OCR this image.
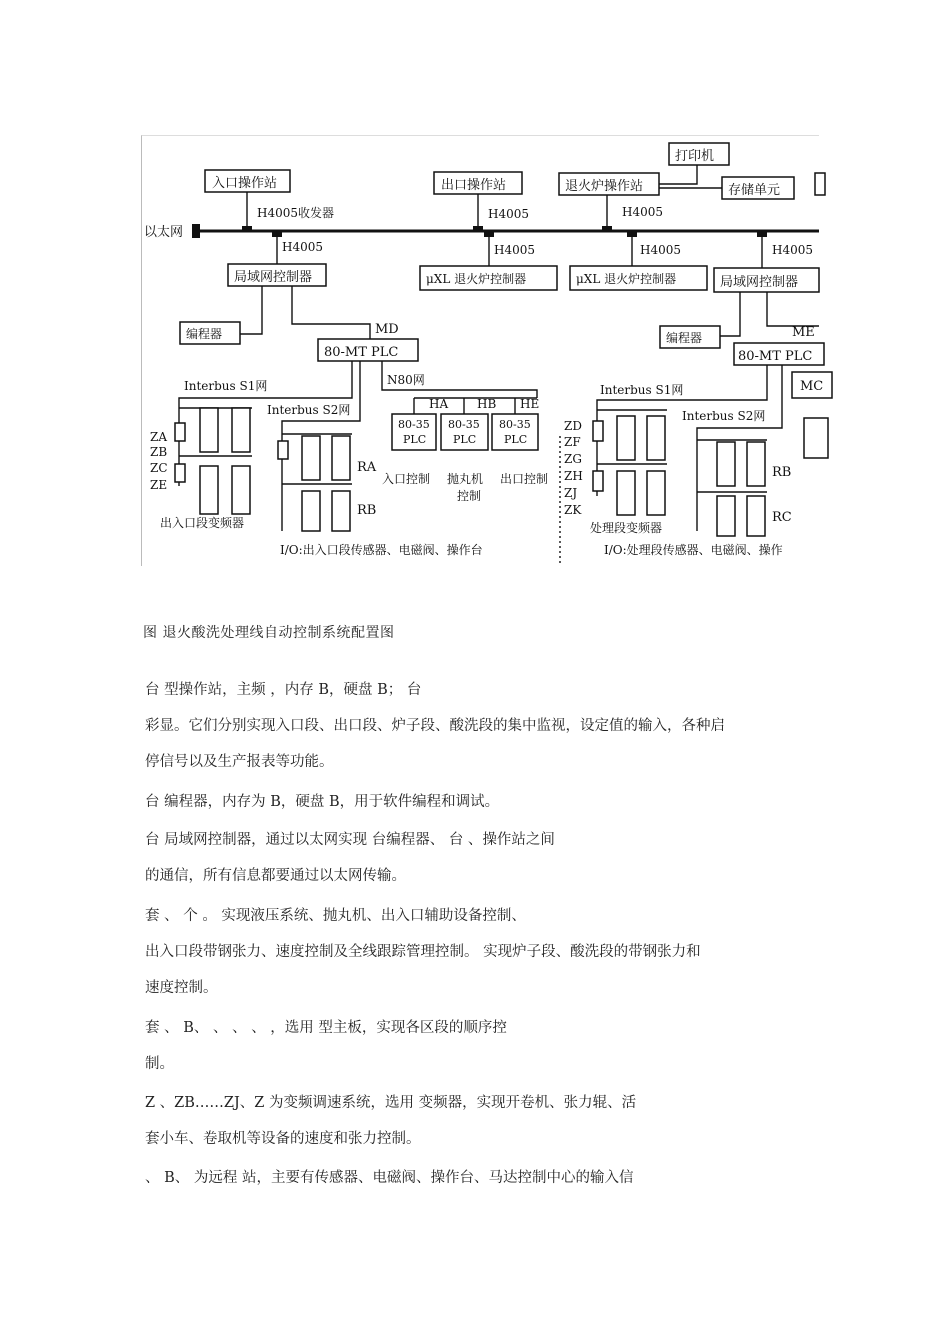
以太网
入口操作站
H4005收发器
出口操作站
H4005
退火炉操作站
H4005
打印机
存储单元
H4005
局域网控制器
H4005
μXL 退火炉控制器
H4005
μXL 退火炉控制器
H4005
局域网控制器
编程器	MD
80-MT PLC
N80网
HA HB HE
80-35
PLC
80-35
PLC
80-35
PLC
Interbus S1网
ZA
ZB
ZC
ZE
出入口段变频器
Interbus S2网
RA
RB
入口控制 抛丸机
控制
出口控制
I/O:出入口段传感器、电磁阀、操作台
编程器	ME
80-MT PLC
MC
Interbus S1网
ZD
ZF
ZG
ZH
ZJ
ZK
处理段变频器
Interbus S2网
RB
RC
I/O:处理段传感器、电磁阀、操作
图 退火酸洗处理线自动控制系统配置图
台 型操作站，主频 ，内存 B，硬盘 B； 台
彩显。它们分别实现入口段、出口段、炉子段、酸洗段的集中监视，设定值的输入，各种启
停信号以及生产报表等功能。
台 编程器，内存为 B，硬盘 B，用于软件编程和调试。
台 局域网控制器，通过以太网实现 台编程器、 台 、操作站之间
的通信，所有信息都要通过以太网传输。
套 、 个 。 实现液压系统、抛丸机、出入口辅助设备控制、
出入口段带钢张力、速度控制及全线跟踪管理控制。 实现炉子段、酸洗段的带钢张力和
速度控制。
套 、 B、 、 、 、 ，选用 型主板，实现各区段的顺序控
制。
Z 、ZB……ZJ、Z 为变频调速系统，选用 变频器，实现开卷机、张力辊、活
套小车、卷取机等设备的速度和张力控制。
、 B、 为远程 站，主要有传感器、电磁阀、操作台、马达控制中心的输入信
